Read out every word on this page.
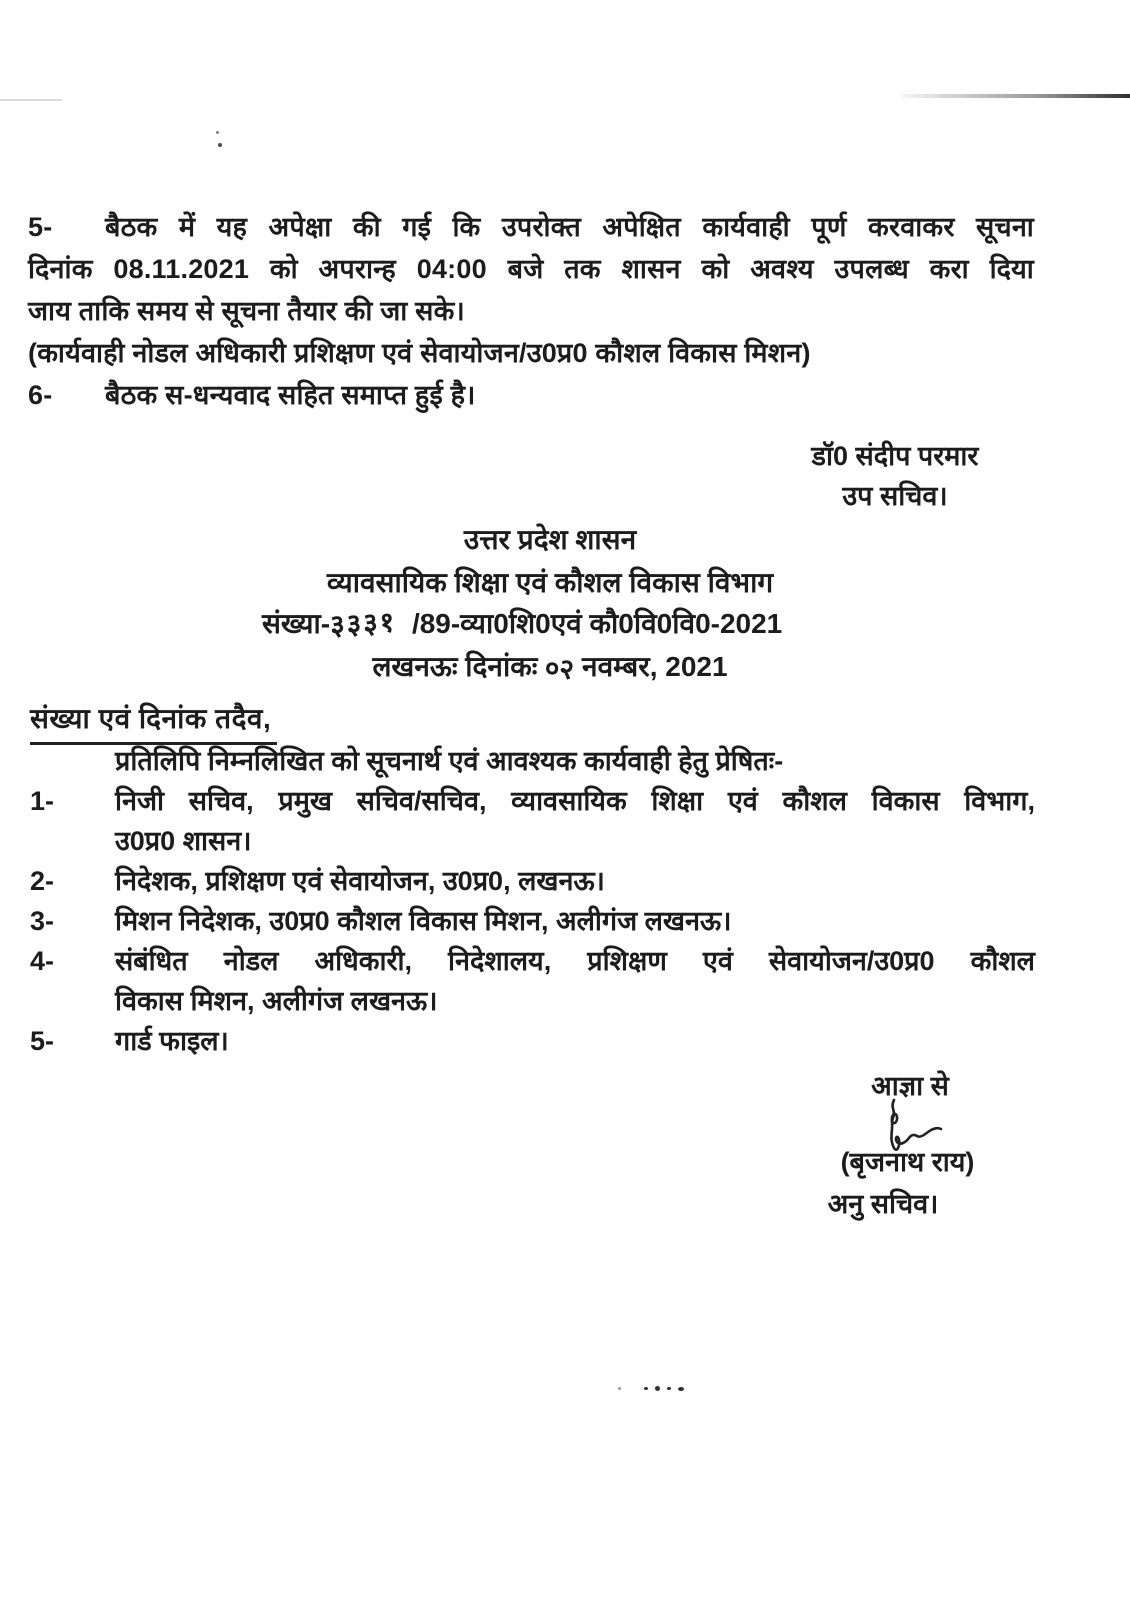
5- बैठक में यह अपेक्षा की गई कि उपरोक्त अपेक्षित कार्यवाही पूर्ण करवाकर सूचना
दिनांक 08.11.2021 को अपरान्ह 04:00 बजे तक शासन को अवश्य उपलब्ध करा दिया
जाय ताकि समय से सूचना तैयार की जा सके।
(कार्यवाही नोडल अधिकारी प्रशिक्षण एवं सेवायोजन/उ0प्र0 कौशल विकास मिशन)
6- बैठक स-धन्यवाद सहित समाप्त हुई है।
डॉ0 संदीप परमार
उप सचिव।
उत्तर प्रदेश शासन
व्यावसायिक शिक्षा एवं कौशल विकास विभाग
संख्या-३३३१ /89-व्या0शि0एवं कौ0वि0वि0-2021
लखनऊः दिनांकः ०२ नवम्बर, 2021
संख्या एवं दिनांक तदैव,
प्रतिलिपि निम्नलिखित को सूचनार्थ एवं आवश्यक कार्यवाही हेतु प्रेषितः-
1- निजी सचिव, प्रमुख सचिव/सचिव, व्यावसायिक शिक्षा एवं कौशल विकास विभाग,
उ0प्र0 शासन।
2- निदेशक, प्रशिक्षण एवं सेवायोजन, उ0प्र0, लखनऊ।
3- मिशन निदेशक, उ0प्र0 कौशल विकास मिशन, अलीगंज लखनऊ।
4- संबंधित नोडल अधिकारी, निदेशालय, प्रशिक्षण एवं सेवायोजन/उ0प्र0 कौशल
विकास मिशन, अलीगंज लखनऊ।
5- गार्ड फाइल।
आज्ञा से
(बृजनाथ राय)
अनु सचिव।
